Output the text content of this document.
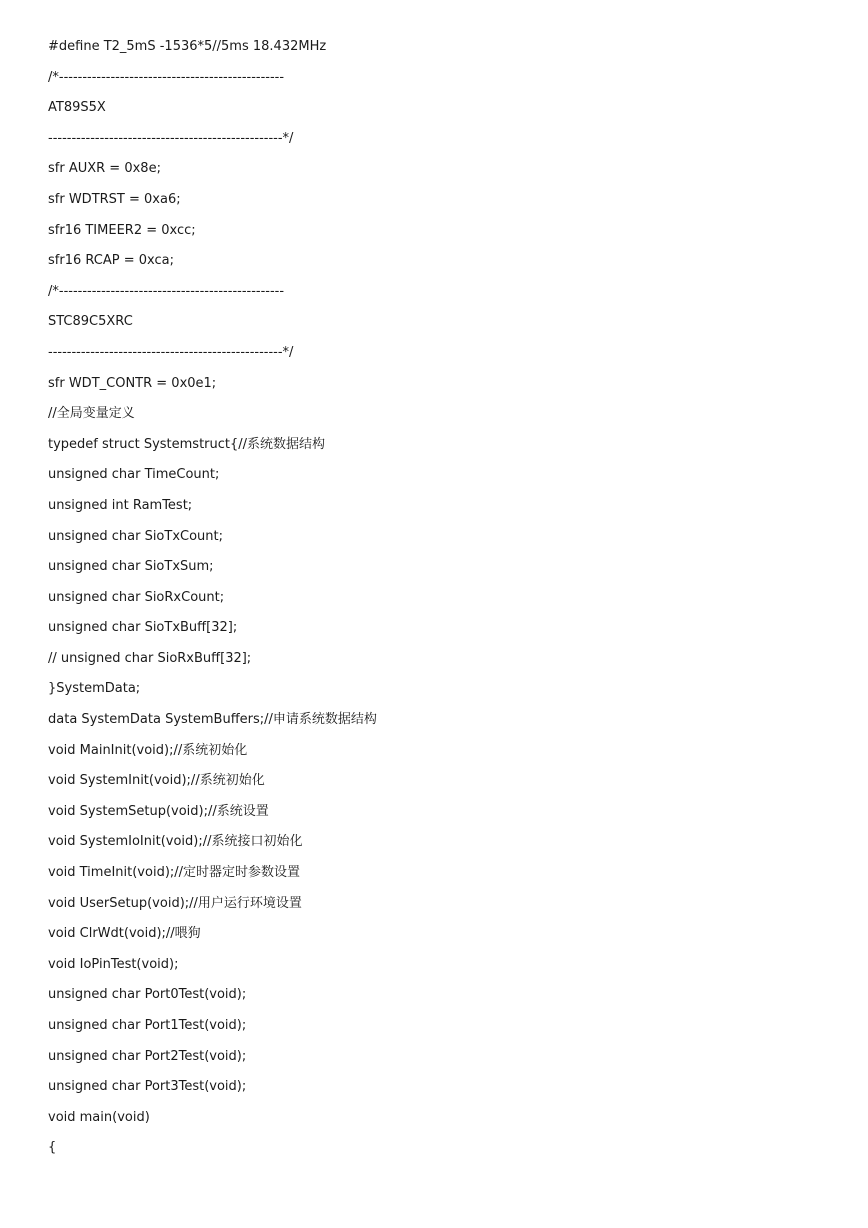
#define T2_5mS -1536*5//5ms 18.432MHz
/*------------------------------------------------
AT89S5X
--------------------------------------------------*/
sfr AUXR = 0x8e;
sfr WDTRST = 0xa6;
sfr16 TIMEER2 = 0xcc;
sfr16 RCAP = 0xca;
/*------------------------------------------------
STC89C5XRC
--------------------------------------------------*/
sfr WDT_CONTR = 0x0e1;
//全局变量定义
typedef struct Systemstruct{//系统数据结构
unsigned char TimeCount;
unsigned int RamTest;
unsigned char SioTxCount;
unsigned char SioTxSum;
unsigned char SioRxCount;
unsigned char SioTxBuff[32];
// unsigned char SioRxBuff[32];
}SystemData;
data SystemData SystemBuffers;//申请系统数据结构
void MainInit(void);//系统初始化
void SystemInit(void);//系统初始化
void SystemSetup(void);//系统设置
void SystemIoInit(void);//系统接口初始化
void TimeInit(void);//定时器定时参数设置
void UserSetup(void);//用户运行环境设置
void ClrWdt(void);//喂狗
void IoPinTest(void);
unsigned char Port0Test(void);
unsigned char Port1Test(void);
unsigned char Port2Test(void);
unsigned char Port3Test(void);
void main(void)
{
